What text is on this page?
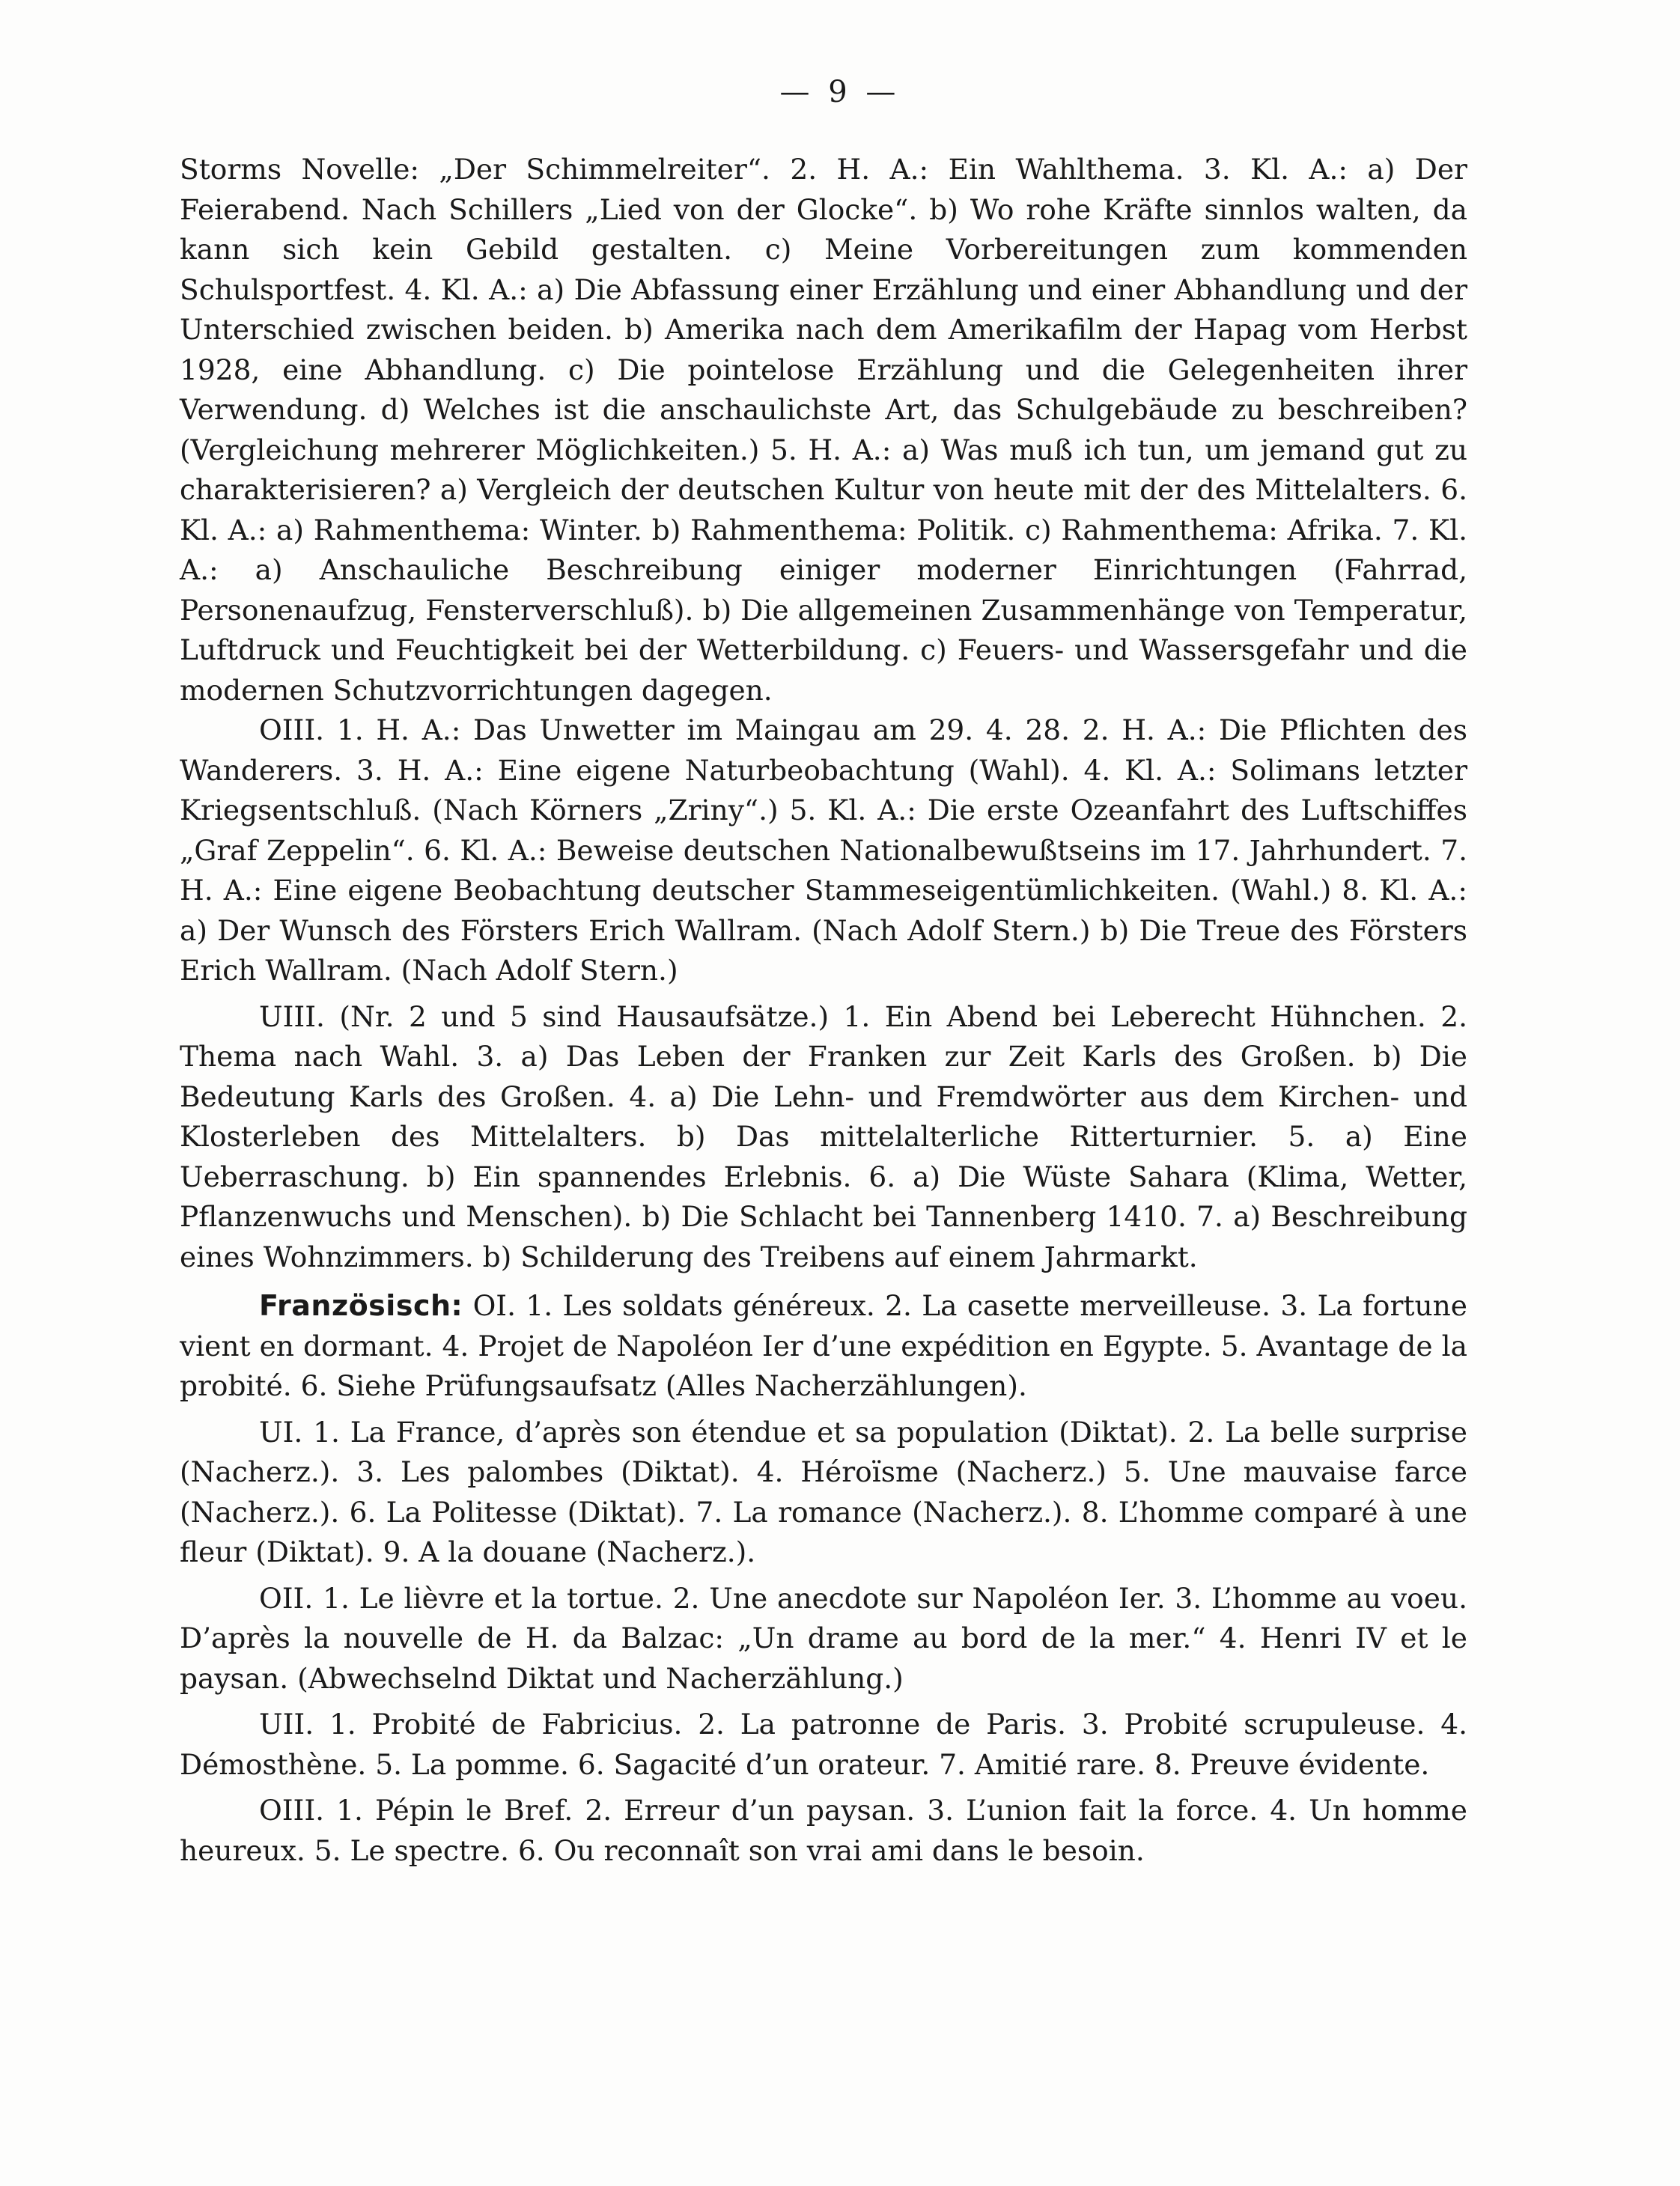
— 9 —

Storms Novelle: „Der Schimmelreiter“. 2. H. A.: Ein Wahlthema. 3. Kl. A.: a) Der Feierabend. Nach Schillers „Lied von der Glocke“. b) Wo rohe Kräfte sinnlos walten, da kann sich kein Gebild gestalten. c) Meine Vorbereitungen zum kommenden Schulsportfest. 4. Kl. A.: a) Die Abfassung einer Erzählung und einer Abhandlung und der Unterschied zwischen beiden. b) Amerika nach dem Amerikafilm der Hapag vom Herbst 1928, eine Abhandlung. c) Die pointelose Erzählung und die Gelegenheiten ihrer Verwendung. d) Welches ist die anschaulichste Art, das Schulgebäude zu beschreiben? (Vergleichung mehrerer Möglichkeiten.) 5. H. A.: a) Was muß ich tun, um jemand gut zu charakterisieren? a) Vergleich der deutschen Kultur von heute mit der des Mittelalters. 6. Kl. A.: a) Rahmenthema: Winter. b) Rahmenthema: Politik. c) Rahmenthema: Afrika. 7. Kl. A.: a) Anschauliche Beschreibung einiger moderner Einrichtungen (Fahrrad, Personenaufzug, Fensterverschluß). b) Die allgemeinen Zusammenhänge von Temperatur, Luftdruck und Feuchtigkeit bei der Wetterbildung. c) Feuers- und Wassersgefahr und die modernen Schutzvorrichtungen dagegen.

OIII. 1. H. A.: Das Unwetter im Maingau am 29. 4. 28. 2. H. A.: Die Pflichten des Wanderers. 3. H. A.: Eine eigene Naturbeobachtung (Wahl). 4. Kl. A.: Solimans letzter Kriegsentschluß. (Nach Körners „Zriny“.) 5. Kl. A.: Die erste Ozeanfahrt des Luftschiffes „Graf Zeppelin“. 6. Kl. A.: Beweise deutschen Nationalbewußtseins im 17. Jahrhundert. 7. H. A.: Eine eigene Beobachtung deutscher Stammeseigentümlichkeiten. (Wahl.) 8. Kl. A.: a) Der Wunsch des Försters Erich Wallram. (Nach Adolf Stern.) b) Die Treue des Försters Erich Wallram. (Nach Adolf Stern.)

UIII. (Nr. 2 und 5 sind Hausaufsätze.) 1. Ein Abend bei Leberecht Hühnchen. 2. Thema nach Wahl. 3. a) Das Leben der Franken zur Zeit Karls des Großen. b) Die Bedeutung Karls des Großen. 4. a) Die Lehn- und Fremdwörter aus dem Kirchen- und Klosterleben des Mittelalters. b) Das mittelalterliche Ritterturnier. 5. a) Eine Ueberraschung. b) Ein spannendes Erlebnis. 6. a) Die Wüste Sahara (Klima, Wetter, Pflanzenwuchs und Menschen). b) Die Schlacht bei Tannenberg 1410. 7. a) Beschreibung eines Wohnzimmers. b) Schilderung des Treibens auf einem Jahrmarkt.

Französisch: OI. 1. Les soldats généreux. 2. La casette merveilleuse. 3. La fortune vient en dormant. 4. Projet de Napoléon Ier d’une expédition en Egypte. 5. Avantage de la probité. 6. Siehe Prüfungsaufsatz (Alles Nacherzählungen).

UI. 1. La France, d’après son étendue et sa population (Diktat). 2. La belle surprise (Nacherz.). 3. Les palombes (Diktat). 4. Héroïsme (Nacherz.) 5. Une mauvaise farce (Nacherz.). 6. La Politesse (Diktat). 7. La romance (Nacherz.). 8. L’homme comparé à une fleur (Diktat). 9. A la douane (Nacherz.).

OII. 1. Le lièvre et la tortue. 2. Une anecdote sur Napoléon Ier. 3. L’homme au voeu. D’après la nouvelle de H. da Balzac: „Un drame au bord de la mer.“ 4. Henri IV et le paysan. (Abwechselnd Diktat und Nacherzählung.)

UII. 1. Probité de Fabricius. 2. La patronne de Paris. 3. Probité scrupuleuse. 4. Démosthène. 5. La pomme. 6. Sagacité d’un orateur. 7. Amitié rare. 8. Preuve évidente.

OIII. 1. Pépin le Bref. 2. Erreur d’un paysan. 3. L’union fait la force. 4. Un homme heureux. 5. Le spectre. 6. Ou reconnaît son vrai ami dans le besoin.
